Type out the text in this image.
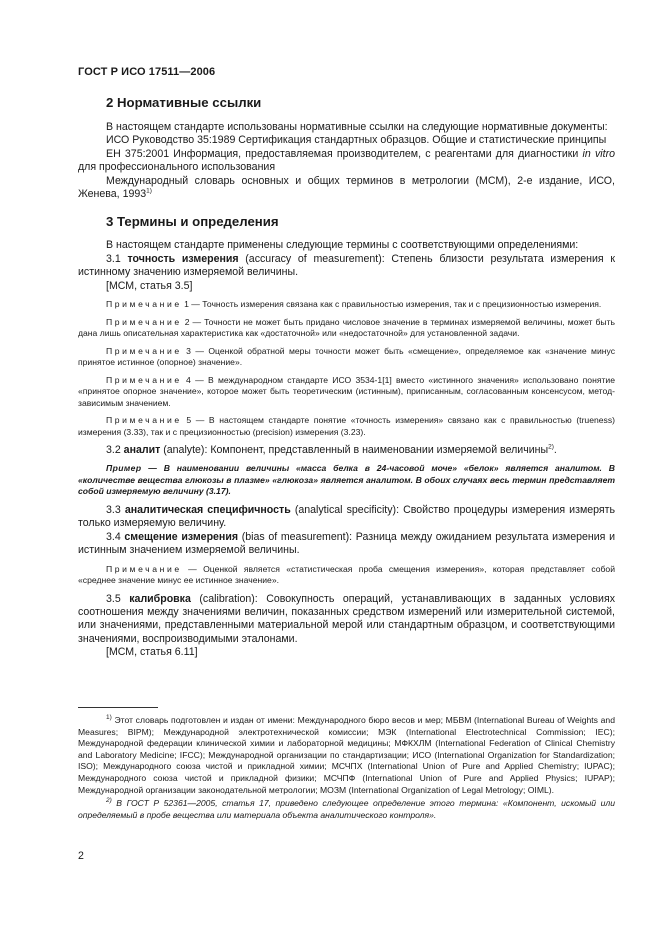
ГОСТ Р ИСО 17511—2006
2 Нормативные ссылки

В настоящем стандарте использованы нормативные ссылки на следующие нормативные документы:

ИСО Руководство 35:1989 Сертификация стандартных образцов. Общие и статистические принципы

ЕН 375:2001 Информация, предоставляемая производителем, с реагентами для диагностики in vitro для профессионального использования

Международный словарь основных и общих терминов в метрологии (МСМ), 2-е издание, ИСО, Женева, 1993$^{1)}$

3 Термины и определения

В настоящем стандарте применены следующие термины с соответствующими определениями:

3.1 точность измерения (accuracy of measurement): Степень близости результата измерения к истинному значению измеряемой величины.

[МСМ, статья 3.5]

Примечание 1 — Точность измерения связана как с правильностью измерения, так и с прецизионностью измерения.

Примечание 2 — Точности не может быть придано числовое значение в терминах измеряемой величины, может быть дана лишь описательная характеристика как «достаточной» или «недостаточной» для установленной задачи.

Примечание 3 — Оценкой обратной меры точности может быть «смещение», определяемое как «значение минус принятое истинное (опорное) значение».

Примечание 4 — В международном стандарте ИСО 3534-1[1] вместо «истинного значения» использовано понятие «принятое опорное значение», которое может быть теоретическим (истинным), приписанным, согласованным консенсусом, метод-зависимым значением.

Примечание 5 — В настоящем стандарте понятие «точность измерения» связано как с правильностью (trueness) измерения (3.33), так и с прецизионностью (precision) измерения (3.23).

3.2 аналит (analyte): Компонент, представленный в наименовании измеряемой величины$^{2)}$.

Пример — В наименовании величины «масса белка в 24-часовой моче» «белок» является аналитом. В «количестве вещества глюкозы в плазме» «глюкоза» является аналитом. В обоих случаях весь термин представляет собой измеряемую величину (3.17).

3.3 аналитическая специфичность (analytical specificity): Свойство процедуры измерения измерять только измеряемую величину.

3.4 смещение измерения (bias of measurement): Разница между ожиданием результата измерения и истинным значением измеряемой величины.

Примечание — Оценкой является «статистическая проба смещения измерения», которая представляет собой «среднее значение минус ее истинное значение».

3.5 калибровка (calibration): Совокупность операций, устанавливающих в заданных условиях соотношения между значениями величин, показанных средством измерений или измерительной системой, или значениями, представленными материальной мерой или стандартным образцом, и соответствующими значениями, воспроизводимыми эталонами.

[МСМ, статья 6.11]

$^{1)}$ Этот словарь подготовлен и издан от имени: Международного бюро весов и мер; МБВМ (International Bureau of Weights and Measures; BIPM); Международной электротехнической комиссии; МЭК (International Electrotechnical Commission; IEC); Международной федерации клинической химии и лабораторной медицины; МФКХЛМ (International Federation of Clinical Chemistry and Laboratory Medicine; IFCC); Международной организации по стандартизации; ИСО (International Organization for Standardization; ISO); Международного союза чистой и прикладной химии; МСЧПХ (International Union of Pure and Applied Chemistry; IUPAC); Международного союза чистой и прикладной физики; МСЧПФ (International Union of Pure and Applied Physics; IUPAP); Международной организации законодательной метрологии; МОЗМ (International Organization of Legal Metrology; OIML).

$^{2)}$ В ГОСТ Р 52361—2005, статья 17, приведено следующее определение этого термина: «Компонент, искомый или определяемый в пробе вещества или материала объекта аналитического контроля».

2
